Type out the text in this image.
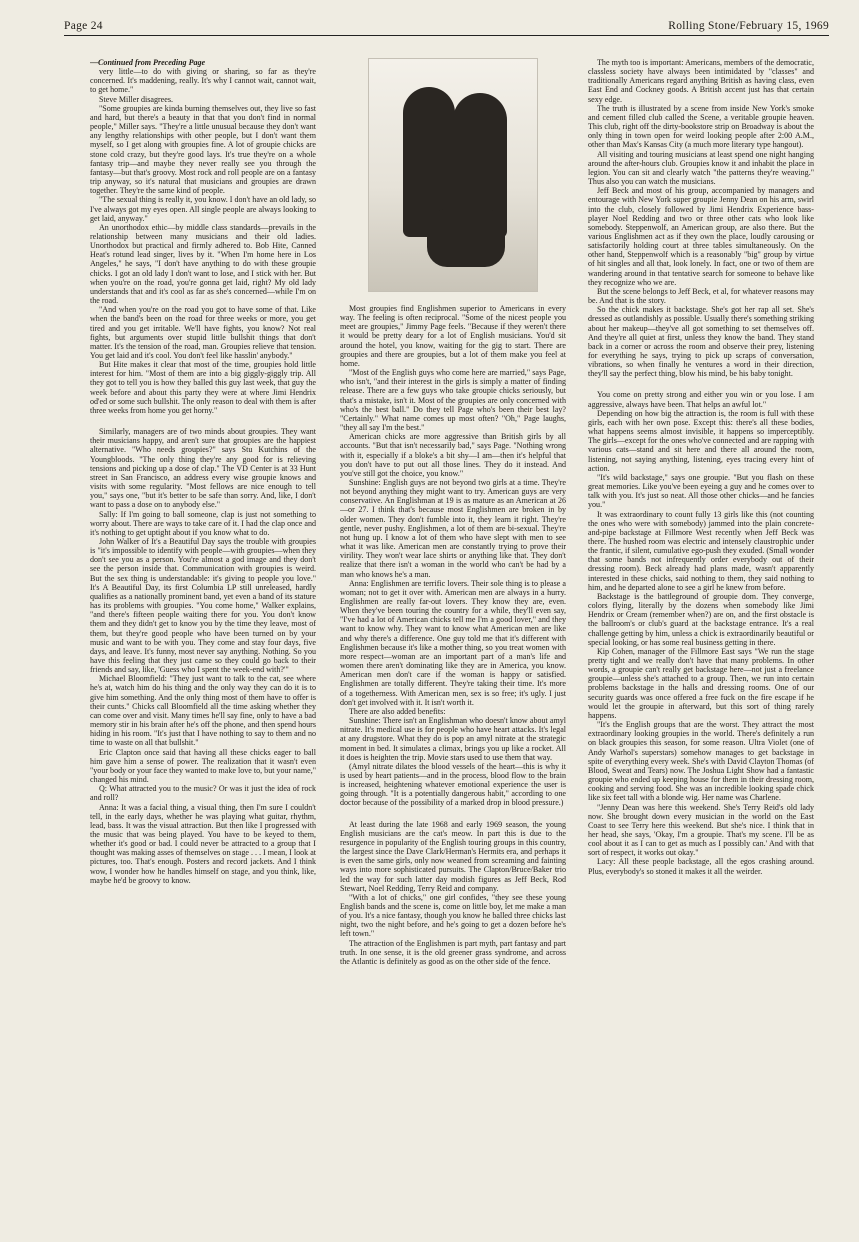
Page 24	Rolling Stone/February 15, 1969

—Continued from Preceding Page

very little—to do with giving or sharing, so far as they're concerned. It's maddening, really. It's why I cannot wait, cannot wait, to get home."

Steve Miller disagrees.

"Some groupies are kinda burning themselves out, they live so fast and hard, but there's a beauty in that that you don't find in normal people," Miller says. "They're a little unusual because they don't want any lengthy relationships with other people, but I don't want them myself, so I get along with groupies fine. A lot of groupie chicks are stone cold crazy, but they're good lays. It's true they're on a whole fantasy trip—and maybe they never really see you through the fantasy—but that's groovy. Most rock and roll people are on a fantasy trip anyway, so it's natural that musicians and groupies are drawn together. They're the same kind of people.

"The sexual thing is really it, you know. I don't have an old lady, so I've always got my eyes open. All single people are always looking to get laid, anyway."

An unorthodox ethic—by middle class standards—prevails in the relationship between many musicians and their old ladies. Unorthodox but practical and firmly adhered to. Bob Hite, Canned Heat's rotund lead singer, lives by it. "When I'm home here in Los Angeles," he says, "I don't have anything to do with these groupie chicks. I got an old lady I don't want to lose, and I stick with her. But when you're on the road, you're gonna get laid, right? My old lady understands that and it's cool as far as she's concerned—while I'm on the road.

"And when you're on the road you got to have some of that. Like when the band's been on the road for three weeks or more, you get tired and you get irritable. We'll have fights, you know? Not real fights, but arguments over stupid little bullshit things that don't matter. It's the tension of the road, man. Groupies relieve that tension. You get laid and it's cool. You don't feel like hasslin' anybody."

But Hite makes it clear that most of the time, groupies hold little interest for him. "Most of them are into a big giggly-giggly trip. All they got to tell you is how they balled this guy last week, that guy the week before and about this party they were at where Jimi Hendrix od'ed or some such bullshit. The only reason to deal with them is after three weeks from home you get horny."

Similarly, managers are of two minds about groupies. They want their musicians happy, and aren't sure that groupies are the happiest alternative. "Who needs groupies?" says Stu Kutchins of the Youngbloods. "The only thing they're any good for is relieving tensions and picking up a dose of clap." The VD Center is at 33 Hunt street in San Francisco, an address every wise groupie knows and visits with some regularity. "Most fellows are nice enough to tell you," says one, "but it's better to be safe than sorry. And, like, I don't want to pass a dose on to anybody else."

Sally: If I'm going to ball someone, clap is just not something to worry about. There are ways to take care of it. I had the clap once and it's nothing to get uptight about if you know what to do.

John Walker of It's a Beautiful Day says the trouble with groupies is "it's impossible to identify with people—with groupies—when they don't see you as a person. You're almost a god image and they don't see the person inside that. Communication with groupies is weird. But the sex thing is understandable: it's giving to people you love." It's A Beautiful Day, its first Columbia LP still unreleased, hardly qualifies as a nationally prominent band, yet even a band of its stature has its problems with groupies. "You come home," Walker explains, "and there's fifteen people waiting there for you. You don't know them and they didn't get to know you by the time they leave, most of them, but they're good people who have been turned on by your music and want to be with you. They come and stay four days, five days, and leave. It's funny, most never say anything. Nothing. So you have this feeling that they just came so they could go back to their friends and say, like, 'Guess who I spent the week-end with?'"

Michael Bloomfield: "They just want to talk to the cat, see where he's at, watch him do his thing and the only way they can do it is to give him something. And the only thing most of them have to offer is their cunts." Chicks call Bloomfield all the time asking whether they can come over and visit. Many times he'll say fine, only to have a bad memory stir in his brain after he's off the phone, and then spend hours hiding in his room. "It's just that I have nothing to say to them and no time to waste on all that bullshit."

Eric Clapton once said that having all these chicks eager to ball him gave him a sense of power. The realization that it wasn't even "your body or your face they wanted to make love to, but your name," changed his mind.

Q: What attracted you to the music? Or was it just the idea of rock and roll?

Anna: It was a facial thing, a visual thing, then I'm sure I couldn't tell, in the early days, whether he was playing what guitar, rhythm, lead, bass. It was the visual attraction. But then like I progressed with the music that was being played. You have to be keyed to them, whether it's good or bad. I could never be attracted to a group that I thought was making asses of themselves on stage . . . I mean, I look at pictures, too. That's enough. Posters and record jackets. And I think wow, I wonder how he handles himself on stage, and you think, like, maybe he'd be groovy to know.

Most groupies find Englishmen superior to Americans in every way. The feeling is often reciprocal. "Some of the nicest people you meet are groupies," Jimmy Page feels. "Because if they weren't there it would be pretty deary for a lot of English musicians. You'd sit around the hotel, you know, waiting for the gig to start. There are groupies and there are groupies, but a lot of them make you feel at home.

"Most of the English guys who come here are married," says Page, who isn't, "and their interest in the girls is simply a matter of finding release. There are a few guys who take groupie chicks seriously, but that's a mistake, isn't it. Most of the groupies are only concerned with who's the best ball." Do they tell Page who's been their best lay? "Certainly." What name comes up most often? "Oh," Page laughs, "they all say I'm the best."

American chicks are more aggressive than British girls by all accounts. "But that isn't necessarily bad," says Page. "Nothing wrong with it, especially if a bloke's a bit shy—I am—then it's helpful that you don't have to put out all those lines. They do it instead. And you've still got the choice, you know."

Sunshine: English guys are not beyond two girls at a time. They're not beyond anything they might want to try. American guys are very conservative. An Englishman at 19 is as mature as an American at 26—or 27. I think that's because most Englishmen are broken in by older women. They don't fumble into it, they learn it right. They're gentle, never pushy. Englishmen, a lot of them are bi-sexual. They're not hung up. I know a lot of them who have slept with men to see what it was like. American men are constantly trying to prove their virility. They won't wear lace shirts or anything like that. They don't realize that there isn't a woman in the world who can't be had by a man who knows he's a man.

Anna: Englishmen are terrific lovers. Their sole thing is to please a woman; not to get it over with. American men are always in a hurry. Englishmen are really far-out lovers. They know they are, even. When they've been touring the country for a while, they'll even say, "I've had a lot of American chicks tell me I'm a good lover," and they want to know why. They want to know what American men are like and why there's a difference. One guy told me that it's different with Englishmen because it's like a mother thing, so you treat women with more respect—woman are an important part of a man's life and women there aren't dominating like they are in America, you know. American men don't care if the woman is happy or satisfied. Englishmen are totally different. They're taking their time. It's more of a togetherness. With American men, sex is so free; it's ugly. I just don't get involved with it. It isn't worth it.

There are also added benefits:

Sunshine: There isn't an Englishman who doesn't know about amyl nitrate. It's medical use is for people who have heart attacks. It's legal at any drugstore. What they do is pop an amyl nitrate at the strategic moment in bed. It simulates a climax, brings you up like a rocket. All it does is heighten the trip. Movie stars used to use them that way.

(Amyl nitrate dilates the blood vessels of the heart—this is why it is used by heart patients—and in the process, blood flow to the brain is increased, heightening whatever emotional experience the user is going through. "It is a potentially dangerous habit," according to one doctor because of the possibility of a marked drop in blood pressure.)

At least during the late 1968 and early 1969 season, the young English musicians are the cat's meow. In part this is due to the resurgence in popularity of the English touring groups in this country, the largest since the Dave Clark/Herman's Hermits era, and perhaps it is even the same girls, only now weaned from screaming and fainting ways into more sophisticated pursuits. The Clapton/Bruce/Baker trio led the way for such latter day modish figures as Jeff Beck, Rod Stewart, Noel Redding, Terry Reid and company.

"With a lot of chicks," one girl confides, "they see these young English bands and the scene is, come on little boy, let me make a man of you. It's a nice fantasy, though you know he balled three chicks last night, two the night before, and he's going to get a dozen before he's left town."

The attraction of the Englishmen is part myth, part fantasy and part truth. In one sense, it is the old greener grass syndrome, and across the Atlantic is definitely as good as on the other side of the fence.

The myth too is important: Americans, members of the democratic, classless society have always been intimidated by "classes" and traditionally Americans regard anything British as having class, even East End and Cockney goods. A British accent just has that certain sexy edge.

The truth is illustrated by a scene from inside New York's smoke and cement filled club called the Scene, a veritable groupie heaven. This club, right off the dirty-bookstore strip on Broadway is about the only thing in town open for weird looking people after 2:00 A.M., other than Max's Kansas City (a much more literary type hangout).

All visiting and touring musicians at least spend one night hanging around the after-hours club. Groupies know it and inhabit the place in legion. You can sit and clearly watch "the patterns they're weaving." Thus also you can watch the musicians.

Jeff Beck and most of his group, accompanied by managers and entourage with New York super groupie Jenny Dean on his arm, swirl into the club, closely followed by Jimi Hendrix Experience bass-player Noel Redding and two or three other cats who look like somebody. Steppenwolf, an American group, are also there. But the various Englishmen act as if they own the place, loudly carousing or satisfactorily holding court at three tables simultaneously. On the other hand, Steppenwolf which is a reasonably "big" group by virtue of hit singles and all that, look lonely. In fact, one or two of them are wandering around in that tentative search for someone to behave like they recognize who we are.

But the scene belongs to Jeff Beck, et al, for whatever reasons may be. And that is the story.

So the chick makes it backstage. She's got her rap all set. She's dressed as outlandishly as possible. Usually there's something striking about her makeup—they've all got something to set themselves off. And they're all quiet at first, unless they know the band. They stand back in a corner or across the room and observe their prey, listening for everything he says, trying to pick up scraps of conversation, vibrations, so when finally he ventures a word in their direction, they'll say the perfect thing, blow his mind, be his baby tonight.

You come on pretty strong and either you win or you lose. I am aggressive, always have been. That helps an awful lot."

Depending on how big the attraction is, the room is full with these girls, each with her own pose. Except this: there's all these bodies, what happens seems almost invisible, it happens so imperceptibly. The girls—except for the ones who've connected and are rapping with various cats—stand and sit here and there all around the room, listening, not saying anything, listening, eyes tracing every hint of action.

"It's wild backstage," says one groupie. "But you flash on these great memories. Like you've been eyeing a guy and he comes over to talk with you. It's just so neat. All those other chicks—and he fancies you."

It was extraordinary to count fully 13 girls like this (not counting the ones who were with somebody) jammed into the plain concrete-and-pipe backstage at Fillmore West recently when Jeff Beck was there. The hushed room was electric and intensely claustrophic under the frantic, if silent, cumulative ego-push they exuded. (Small wonder that some bands not infrequently order everybody out of their dressing room). Beck already had plans made, wasn't apparently interested in these chicks, said nothing to them, they said nothing to him, and he departed alone to see a girl he knew from before.

Backstage is the battleground of groupie dom. They converge, colors flying, literally by the dozens when somebody like Jimi Hendrix or Cream (remember when?) are on, and the first obstacle is the ballroom's or club's guard at the backstage entrance. It's a real challenge getting by him, unless a chick is extraordinarily beautiful or special looking, or has some real business getting in there.

Kip Cohen, manager of the Fillmore East says "We run the stage pretty tight and we really don't have that many problems. In other words, a groupie can't really get backstage here—not just a freelance groupie—unless she's attached to a group. Then, we run into certain problems backstage in the halls and dressing rooms. One of our security guards was once offered a free fuck on the fire escape if he would let the groupie in afterward, but this sort of thing rarely happens.

"It's the English groups that are the worst. They attract the most extraordinary looking groupies in the world. There's definitely a run on black groupies this season, for some reason. Ultra Violet (one of Andy Warhol's superstars) somehow manages to get backstage in spite of everything every week. She's with David Clayton Thomas (of Blood, Sweat and Tears) now. The Joshua Light Show had a fantastic groupie who ended up keeping house for them in their dressing room, cooking and serving food. She was an incredible looking spade chick like six feet tall with a blonde wig. Her name was Charlene.

"Jenny Dean was here this weekend. She's Terry Reid's old lady now. She brought down every musician in the world on the East Coast to see Terry here this weekend. But she's nice. I think that in her head, she says, 'Okay, I'm a groupie. That's my scene. I'll be as cool about it as I can to get as much as I possibly can.' And with that sort of respect, it works out okay."

Lacy: All these people backstage, all the egos crashing around. Plus, everybody's so stoned it makes it all the weirder.
